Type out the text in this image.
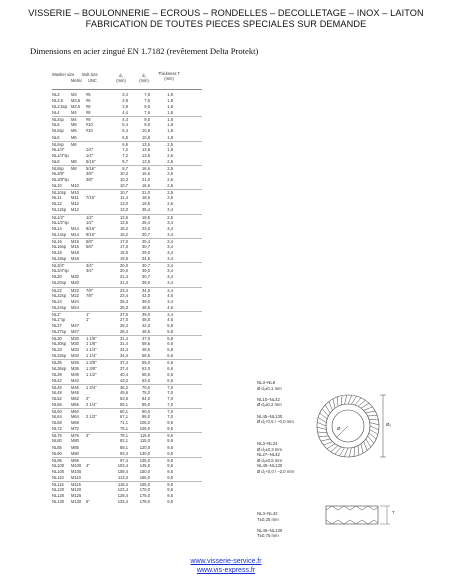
VISSERIE – BOULONNERIE – ECROUS – RONDELLES – DECOLLETAGE – INOX – LAITON
FABRICATION DE TOUTES PIECES SPECIALES SUR DEMANDE
Dimensions en acier zingué EN 1.7182 (revêtement Delta Protekt)
Washer size	Bolt size
Metric UNC
d₁
(mm)
d₂
(mm)
Thickness T
(mm)
NL3	M3 #5	3,4	7,0	1,8
NL3,5 M3,5 #6	3,9	7,6	1,8
NL3,5sp M3,5 #6	3,9	9,0	1,8
NL4	M4 #8	4,4	7,6	1,8
NL4sp M4 #8	4,4	9,0	1,8
NL5	M5 #10	5,4	9,0	1,8
NL5sp M5 #10	5,4	10,8	1,8
NL6	M6	6,5	10,8	1,8
NL6sp M6	6,5	13,5	2,5
NL1/4"	1/4"	7,2	13,5	1,8
NL1/4"sp	1/4"	7,2	13,5	2,5
NL8	M8 5/16"	8,7	13,5	2,5
NL8sp M8 5/16"	8,7	16,6	2,5
NL3/8"	3/8"	10,3	16,6	2,5
NL3/8"sp	3/8"	10,3	21,0	2,5
NL10 M10	10,7	16,6	2,5
NL10sp M10	10,7	21,0	2,5
NL11 M11 7/16"	11,4	18,5	2,5
NL12 M12	13,0	19,5	2,5
NL12sp M12	13,0	25,4	3,4
NL1/2"	1/2"	13,5	19,5	2,5
NL1/2"sp	1/2"	13,5	25,4	3,4
NL14 M14 9/16"	15,2	23,0	3,4
NL14sp M14 9/16"	15,2	30,7	3,4
NL16 M16 5/8"	17,0	25,4	3,4
NL16sp M16 5/8"	17,0	30,7	3,4
NL18 M18	19,5	29,0	3,4
NL18sp M18	19,5	34,5	3,4
NL3/4"	3/4"	20,0	30,7	3,4
NL3/4"sp	3/4"	20,0	39,0	3,4
NL20 M20	21,4	30,7	3,4
NL20sp M20	21,4	39,0	3,4
NL22 M22 7/8"	23,4	34,5	3,4
NL22sp M22 7/8"	23,4	42,0	4,6
NL24 M24	25,3	39,0	3,4
NL24sp M24	25,3	48,5	4,6
NL1"	1"	27,0	39,0	3,4
NL1"sp	1"	27,0	48,5	4,6
NL27 M27	28,4	42,0	5,8
NL27sp M27	28,4	48,5	5,8
NL30 M30 1 1/8"	31,4	47,0	5,8
NL30sp M30 1 1/8"	31,4	58,5	6,6
NL33 M33 1 1/4"	34,4	48,5	5,8
NL33sp M33 1 1/4"	34,4	58,5	6,6
NL36 M36 1 3/8"	37,4	55,0	6,6
NL36sp M36 1 3/8"	37,4	63,0	6,6
NL39 M39 1 1/2"	40,4	58,5	6,6
NL42 M42	43,2	63,0	6,6
NL45 M45 1 3/4"	46,2	70,0	7,0
NL48 M48	49,6	75,0	7,0
NL52 M52 2"	53,6	84,0	7,0
NL56 M56 2 1/4"	59,1	85,0	7,0
NL60 M60	60,1	90,0	7,0
NL64 M64 2 1/2"	67,1	95,0	7,0
NL68 M68	71,1	105,0	9,5
NL72 M72	75,1	105,0	9,5
NL76 M76 3"	79,1	115,0	9,5
NL80 M80	83,1	115,0	9,5
NL85 M85	88,1	120,0	9,5
NL90 M90	93,4	130,0	9,5
NL95 M95	97,4	135,0	9,5
NL100 M100 4"	103,4	145,0	9,5
NL105 M105	108,4	150,0	9,5
NL110 M110	113,4	155,0	9,5
NL115 M115	118,4	165,0	9,5
NL120 M120	123,4	170,0	9,5
NL125 M125	128,4	175,0	9,5
NL130 M130 5"	133,4	178,0	9,5
NL3–NL8
Ø d₁±0,1 mm

NL10–NL42
Ø d₁±0,2 mm

NL45–NL130
Ø d₁+0,5 / –0,0 mm
NL3–NL24
Ø d₂±0,3 mm
NL27–NL42
Ø d₂±0,5 mm
NL45–NL130
Ø d₂+0,0 / –2,0 mm
NL3–NL42
T±0,25 mm

NL45–NL130
T±0,75 mm
Ø
Ø₂
T
www.visserie-service.fr
www.vis-express.fr
